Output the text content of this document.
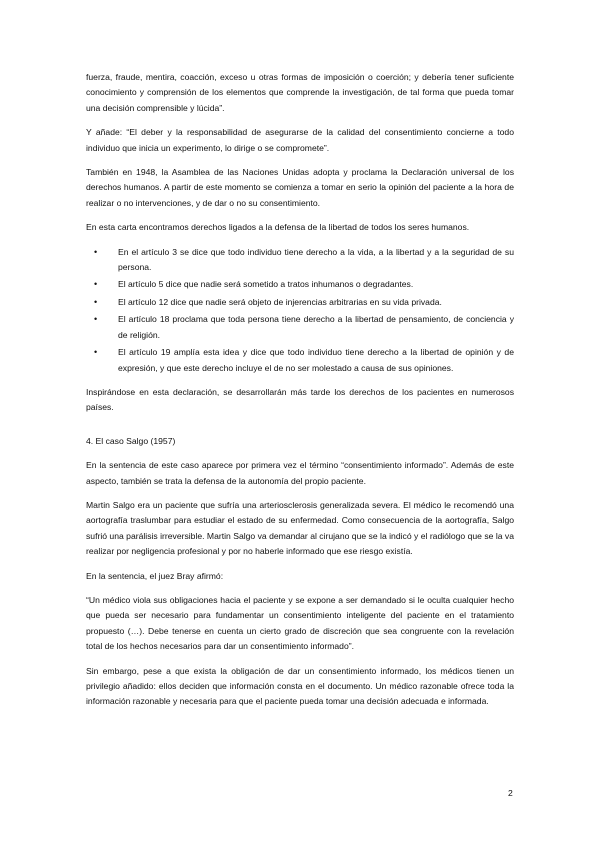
fuerza, fraude, mentira, coacción, exceso u otras formas de imposición o coerción; y debería tener suficiente conocimiento y comprensión de los elementos que comprende la investigación, de tal forma que pueda tomar una decisión comprensible y lúcida”.

Y añade: “El deber y la responsabilidad de asegurarse de la calidad del consentimiento concierne a todo individuo que inicia un experimento, lo dirige o se compromete”.

También en 1948, la Asamblea de las Naciones Unidas adopta y proclama la Declaración universal de los derechos humanos. A partir de este momento se comienza a tomar en serio la opinión del paciente a la hora de realizar o no intervenciones, y de dar o no su consentimiento.

En esta carta encontramos derechos ligados a la defensa de la libertad de todos los seres humanos.

• En el artículo 3 se dice que todo individuo tiene derecho a la vida, a la libertad y a la seguridad de su persona.
• El artículo 5 dice que nadie será sometido a tratos inhumanos o degradantes.
• El artículo 12 dice que nadie será objeto de injerencias arbitrarias en su vida privada.
• El artículo 18 proclama que toda persona tiene derecho a la libertad de pensamiento, de conciencia y de religión.
• El artículo 19 amplía esta idea y dice que todo individuo tiene derecho a la libertad de opinión y de expresión, y que este derecho incluye el de no ser molestado a causa de sus opiniones.

Inspirándose en esta declaración, se desarrollarán más tarde los derechos de los pacientes en numerosos países.

4. El caso Salgo (1957)

En la sentencia de este caso aparece por primera vez el término “consentimiento informado”. Además de este aspecto, también se trata la defensa de la autonomía del propio paciente.

Martin Salgo era un paciente que sufría una arteriosclerosis generalizada severa. El médico le recomendó una aortografía traslumbar para estudiar el estado de su enfermedad. Como consecuencia de la aortografía, Salgo sufrió una parálisis irreversible. Martin Salgo va demandar al cirujano que se la indicó y el radiólogo que se la va realizar por negligencia profesional y por no haberle informado que ese riesgo existía.

En la sentencia, el juez Bray afirmó:

“Un médico viola sus obligaciones hacia el paciente y se expone a ser demandado si le oculta cualquier hecho que pueda ser necesario para fundamentar un consentimiento inteligente del paciente en el tratamiento propuesto (…). Debe tenerse en cuenta un cierto grado de discreción que sea congruente con la revelación total de los hechos necesarios para dar un consentimiento informado”.

Sin embargo, pese a que exista la obligación de dar un consentimiento informado, los médicos tienen un privilegio añadido: ellos deciden que información consta en el documento. Un médico razonable ofrece toda la información razonable y necesaria para que el paciente pueda tomar una decisión adecuada e informada.

2
